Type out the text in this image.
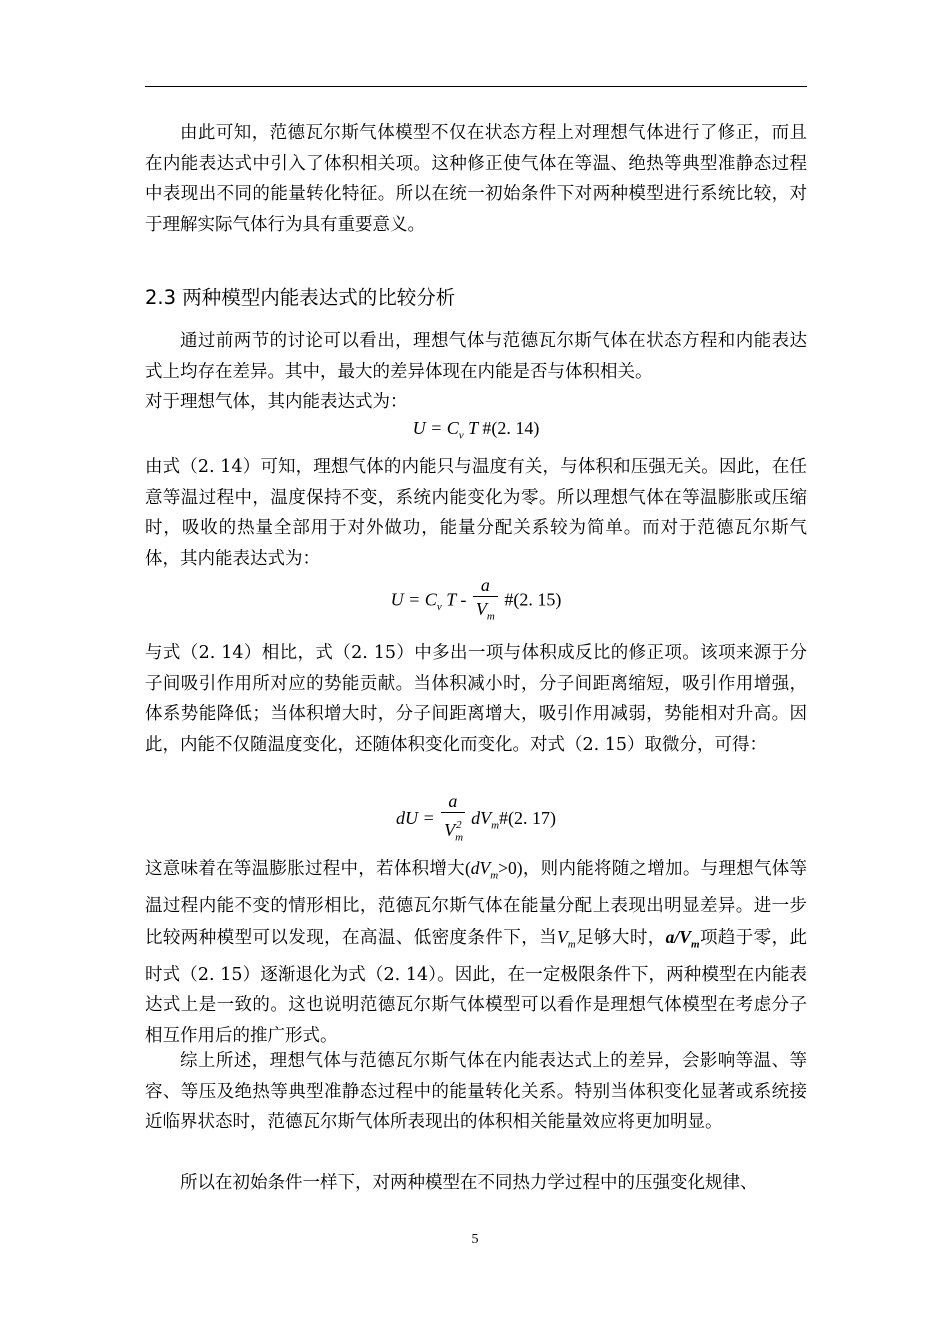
由此可知，范德瓦尔斯气体模型不仅在状态方程上对理想气体进行了修正，而且在内能表达式中引入了体积相关项。这种修正使气体在等温、绝热等典型准静态过程中表现出不同的能量转化特征。所以在统一初始条件下对两种模型进行系统比较，对于理解实际气体行为具有重要意义。

2.3 两种模型内能表达式的比较分析

通过前两节的讨论可以看出，理想气体与范德瓦尔斯气体在状态方程和内能表达式上均存在差异。其中，最大的差异体现在内能是否与体积相关。

对于理想气体，其内能表达式为：

$U = C_v$ T #(2. 14)

由式（2. 14）可知，理想气体的内能只与温度有关，与体积和压强无关。因此，在任意等温过程中，温度保持不变，系统内能变化为零。所以理想气体在等温膨胀或压缩时，吸收的热量全部用于对外做功，能量分配关系较为简单。而对于范德瓦尔斯气体，其内能表达式为：

$U = C_v$ T - $\frac{a}{V_m}$ #(2. 15)

与式（2. 14）相比，式（2. 15）中多出一项与体积成反比的修正项。该项来源于分子间吸引作用所对应的势能贡献。当体积减小时，分子间距离缩短，吸引作用增强，体系势能降低；当体积增大时，分子间距离增大，吸引作用减弱，势能相对升高。因此，内能不仅随温度变化，还随体积变化而变化。对式（2. 15）取微分，可得：

dU = $\frac{a}{V_m^2}$ $dV_m\#(2$. 17)

这意味着在等温膨胀过程中，若体积增大$(dV_m>0)$，则内能将随之增加。与理想气体等温过程内能不变的情形相比，范德瓦尔斯气体在能量分配上表现出明显差异。进一步比较两种模型可以发现，在高温、低密度条件下，当$V_m$足够大时，$a/V_m$项趋于零，此时式（2. 15）逐渐退化为式（2. 14）。因此，在一定极限条件下，两种模型在内能表达式上是一致的。这也说明范德瓦尔斯气体模型可以看作是理想气体模型在考虑分子相互作用后的推广形式。

综上所述，理想气体与范德瓦尔斯气体在内能表达式上的差异，会影响等温、等容、等压及绝热等典型准静态过程中的能量转化关系。特别当体积变化显著或系统接近临界状态时，范德瓦尔斯气体所表现出的体积相关能量效应将更加明显。

所以在初始条件一样下，对两种模型在不同热力学过程中的压强变化规律、

5
